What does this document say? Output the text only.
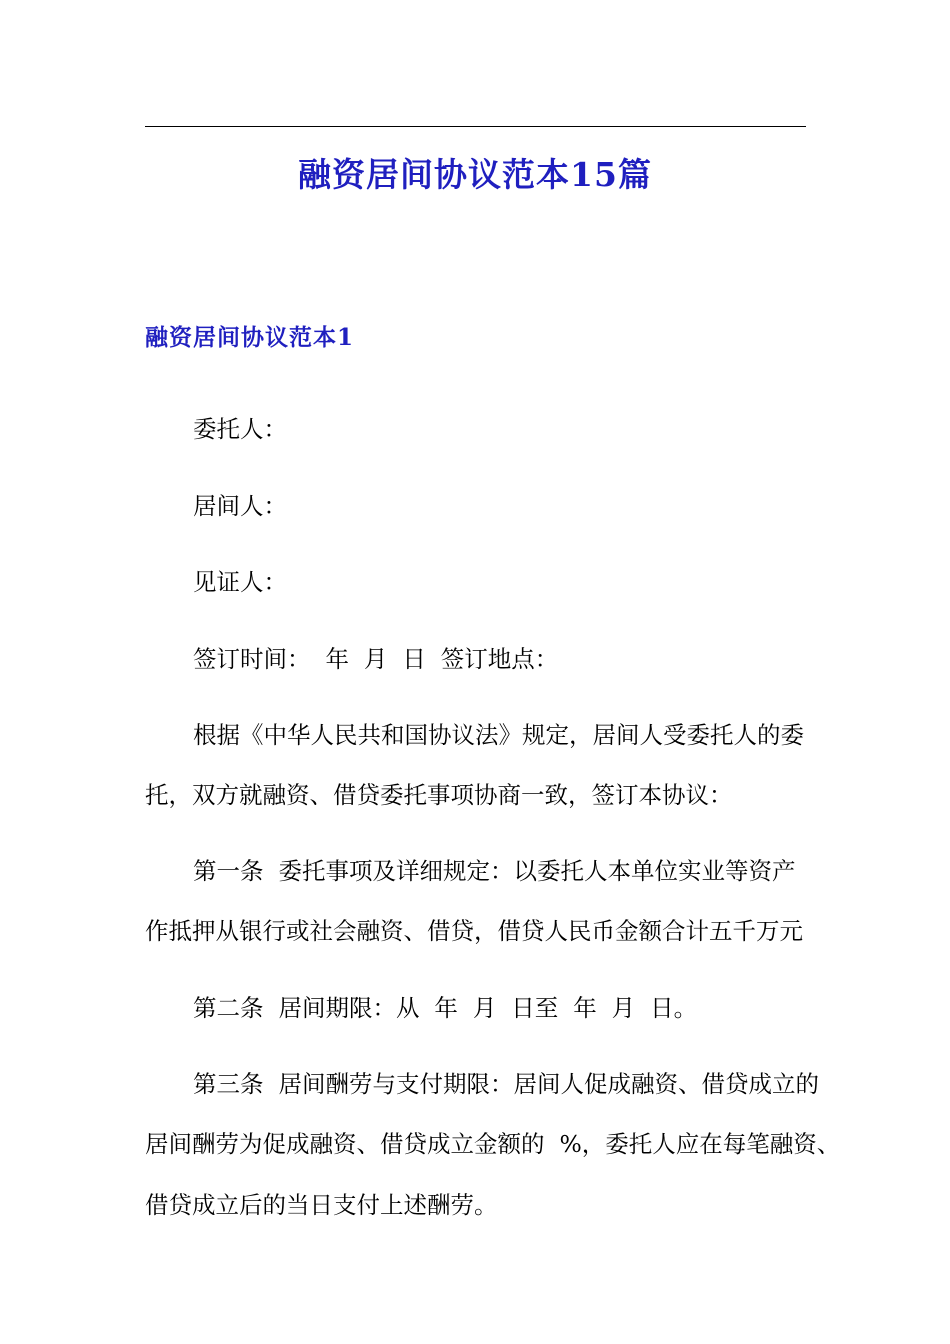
融资居间协议范本15篇
融资居间协议范本1

委托人：

居间人：

见证人：

签订时间：  年  月  日  签订地点：

根据《中华人民共和国协议法》规定，居间人受委托人的委

托，双方就融资、借贷委托事项协商一致，签订本协议：

第一条  委托事项及详细规定：以委托人本单位实业等资产

作抵押从银行或社会融资、借贷，借贷人民币金额合计五千万元

第二条  居间期限：从  年  月  日至  年  月  日。

第三条  居间酬劳与支付期限：居间人促成融资、借贷成立的

居间酬劳为促成融资、借贷成立金额的  %，委托人应在每笔融资、

借贷成立后的当日支付上述酬劳。
